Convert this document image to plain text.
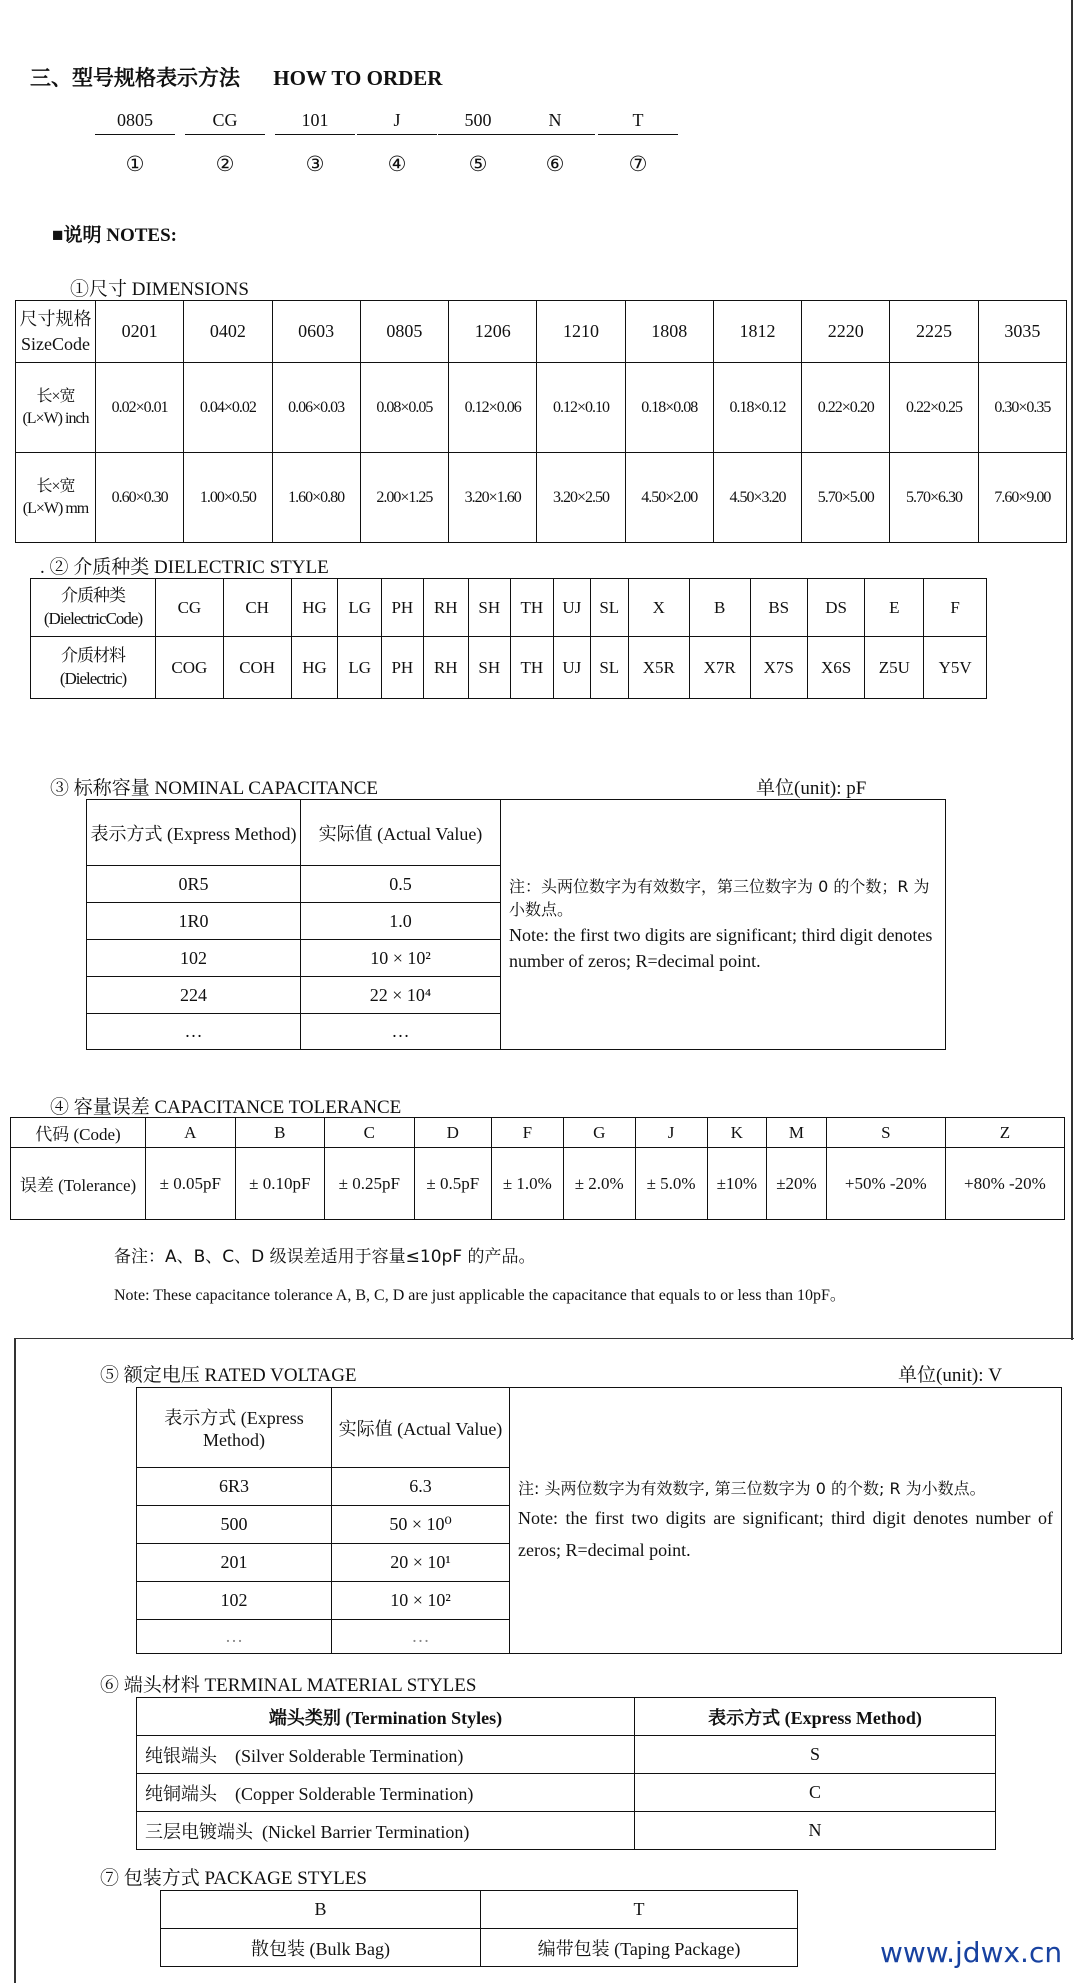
三、型号规格表示方法 HOW TO ORDER
0805	CG	101	J	500	N	T
①	②	③	④	⑤	⑥	⑦
■说明 NOTES:
①尺寸 DIMENSIONS
尺寸规格 SizeCode	0201	0402	0603	0805	1206	1210	1808	1812	2220	2225	3035
长×宽 (L×W) inch	0.02×0.01	0.04×0.02	0.06×0.03	0.08×0.05	0.12×0.06	0.12×0.10	0.18×0.08	0.18×0.12	0.22×0.20	0.22×0.25	0.30×0.35
长×宽 (L×W) mm	0.60×0.30	1.00×0.50	1.60×0.80	2.00×1.25	3.20×1.60	3.20×2.50	4.50×2.00	4.50×3.20	5.70×5.00	5.70×6.30	7.60×9.00
. ② 介质种类 DIELECTRIC STYLE
介质种类 (DielectricCode)	CG	CH	HG	LG	PH	RH	SH	TH	UJ	SL	X	B	BS	DS	E	F
介质材料 (Dielectric)	COG	COH	HG	LG	PH	RH	SH	TH	UJ	SL	X5R	X7R	X7S	X6S	Z5U	Y5V
③ 标称容量 NOMINAL CAPACITANCE	单位(unit): pF
表示方式 (Express Method)	实际值 (Actual Value)	注：头两位数字为有效数字，第三位数字为 0 的个数；R 为小数点。
Note: the first two digits are significant; third digit denotes number of zeros; R=decimal point.

0R5	0.5	
1R0	1.0	
102	10 × 10²	
224	22 × 10⁴	
…	…	
④ 容量误差 CAPACITANCE TOLERANCE
代码 (Code)	A	B	C	D	F	G	J	K	M	S	Z
误差 (Tolerance)	± 0.05pF	± 0.10pF	± 0.25pF	± 0.5pF	± 1.0%	± 2.0%	± 5.0%	±10%	±20%	+50% -20%	+80% -20%
备注：A、B、C、D 级误差适用于容量≤10pF 的产品。
Note: These capacitance tolerance A, B, C, D are just applicable the capacitance that equals to or less than 10pF。
⑤ 额定电压 RATED VOLTAGE	单位(unit): V
表示方式 (Express Method)	实际值 (Actual Value)	注: 头两位数字为有效数字, 第三位数字为 0 的个数; R 为小数点。
Note: the first two digits are significant; third digit denotes number of zeros; R=decimal point.

6R3	6.3	
500	50 × 10⁰	
201	20 × 10¹	
102	10 × 10²	
…	…	
⑥ 端头材料 TERMINAL MATERIAL STYLES
端头类别 (Termination Styles)	表示方式 (Express Method)
纯银端头    (Silver Solderable Termination)	S
纯铜端头    (Copper Solderable Termination)	C
三层电镀端头  (Nickel Barrier Termination)	N
⑦ 包装方式 PACKAGE STYLES
B	T
散包装 (Bulk Bag)	编带包装 (Taping Package)	www.jdwx.cn
